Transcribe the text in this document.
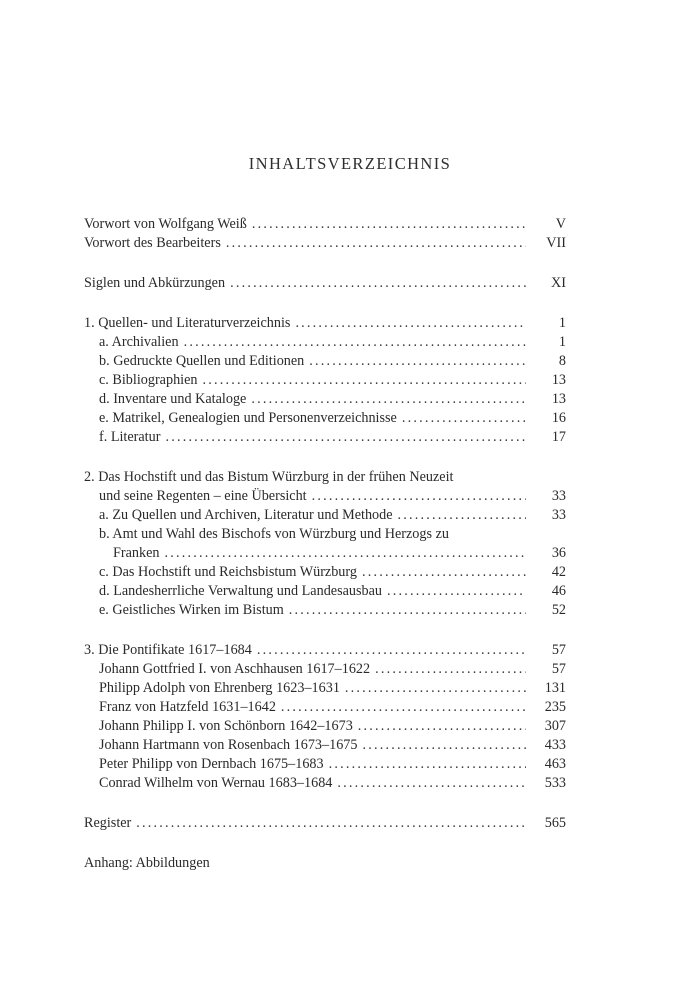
INHALTSVERZEICHNIS
Vorwort von Wolfgang Weiß .....	V
Vorwort des Bearbeiters .....	VII
Siglen und Abkürzungen .....	XI
1. Quellen- und Literaturverzeichnis .....	1
a. Archivalien .....	1
b. Gedruckte Quellen und Editionen .....	8
c. Bibliographien .....	13
d. Inventare und Kataloge .....	13
e. Matrikel, Genealogien und Personenverzeichnisse .....	16
f. Literatur .....	17
2. Das Hochstift und das Bistum Würzburg in der frühen Neuzeit
und seine Regenten – eine Übersicht .....	33
a. Zu Quellen und Archiven, Literatur und Methode .....	33
b. Amt und Wahl des Bischofs von Würzburg und Herzogs zu
Franken .....	36
c. Das Hochstift und Reichsbistum Würzburg .....	42
d. Landesherrliche Verwaltung und Landesausbau .....	46
e. Geistliches Wirken im Bistum .....	52
3. Die Pontifikate 1617–1684 .....	57
Johann Gottfried I. von Aschhausen 1617–1622 .....	57
Philipp Adolph von Ehrenberg 1623–1631 .....	131
Franz von Hatzfeld 1631–1642 .....	235
Johann Philipp I. von Schönborn 1642–1673 .....	307
Johann Hartmann von Rosenbach 1673–1675 .....	433
Peter Philipp von Dernbach 1675–1683 .....	463
Conrad Wilhelm von Wernau 1683–1684 .....	533
Register .....	565
Anhang: Abbildungen
